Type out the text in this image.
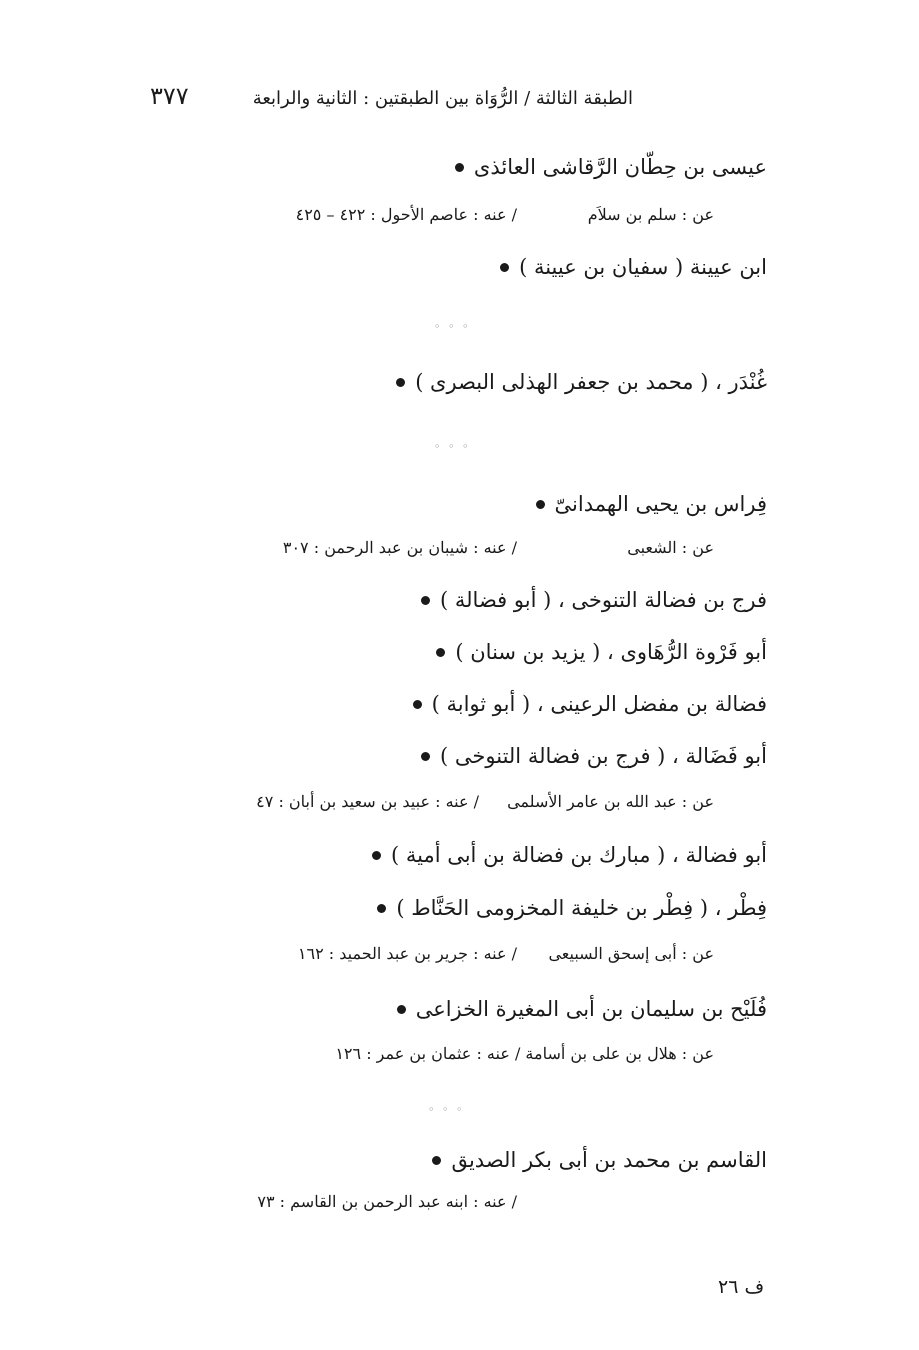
الطبقة الثالثة / الرُّوَاة بين الطبقتين : الثانية والرابعة
٣٧٧
عيسى بن حِطّان الرَّقاشى العائذى
عن : سلم بن سلاَم
/ عنه : عاصم الأحول : ٤٢٢ – ٤٢٥
ابن عيينة ( سفيان بن عيينة )
◦ ◦ ◦
غُنْدَر ، ( محمد بن جعفر الهذلى البصرى )
◦ ◦ ◦
فِراس بن يحيى الهمدانىّ
عن : الشعبى
/ عنه : شيبان بن عبد الرحمن : ٣٠٧
فرج بن فضالة التنوخى ، ( أبو فضالة )
أبو فَرْوة الرُّهَاوى ، ( يزيد بن سنان )
فضالة بن مفضل الرعينى ، ( أبو ثوابة )
أبو فَضَالة ، ( فرج بن فضالة التنوخى )
عن : عبد الله بن عامر الأسلمى
/ عنه : عبيد بن سعيد بن أبان : ٤٧
أبو فضالة ، ( مبارك بن فضالة بن أبى أمية )
فِطْر ، ( فِطْر بن خليفة المخزومى الحَنَّاط )
عن : أبى إسحق السبيعى
/ عنه : جرير بن عبد الحميد : ١٦٢
فُلَيْح بن سليمان بن أبى المغيرة الخزاعى
عن : هلال بن على بن أسامة / عنه : عثمان بن عمر : ١٢٦
◦ ◦ ◦
القاسم بن محمد بن أبى بكر الصديق
/ عنه : ابنه عبد الرحمن بن القاسم : ٧٣
ف ٢٦
